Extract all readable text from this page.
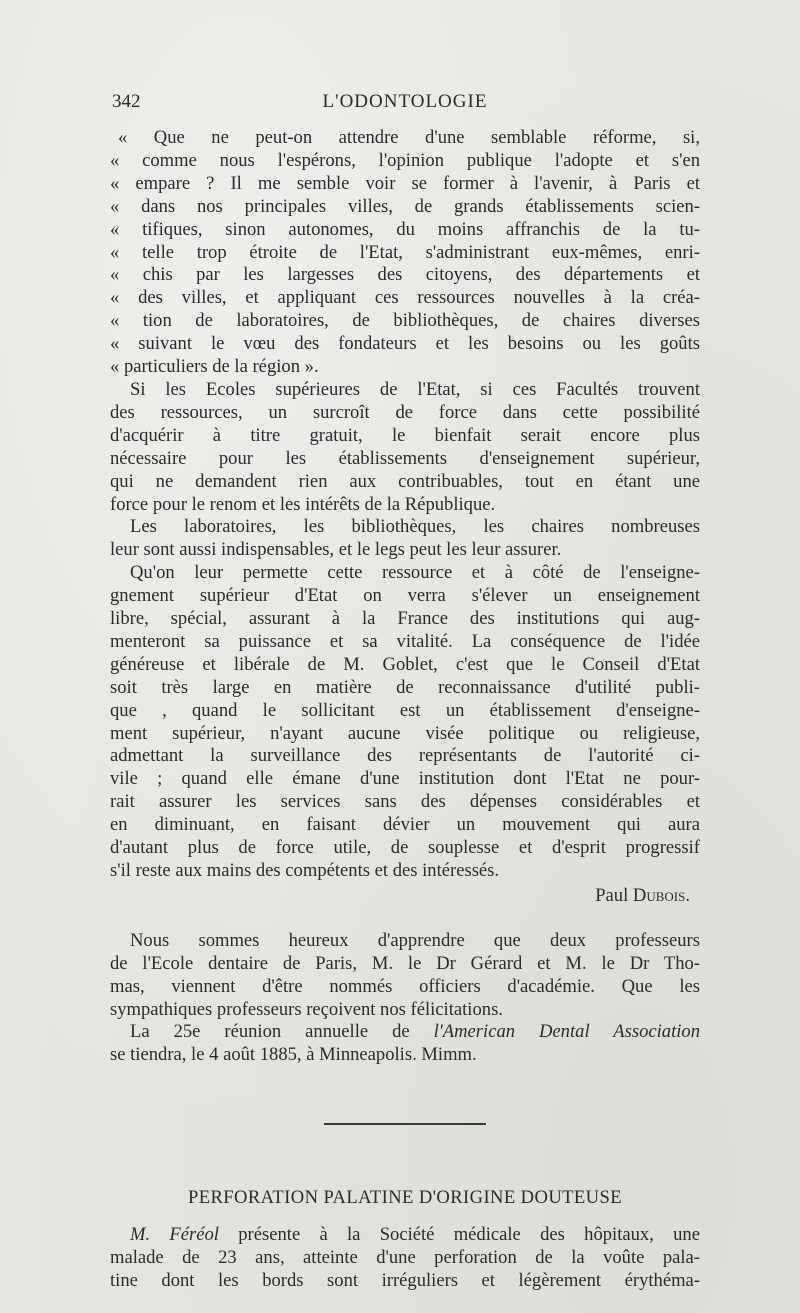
342	L'ODONTOLOGIE
« Que ne peut-on attendre d'une semblable réforme, si,
« comme nous l'espérons, l'opinion publique l'adopte et s'en
« empare ? Il me semble voir se former à l'avenir, à Paris et
« dans nos principales villes, de grands établissements scien-
« tifiques, sinon autonomes, du moins affranchis de la tu-
« telle trop étroite de l'Etat, s'administrant eux-mêmes, enri-
« chis par les largesses des citoyens, des départements et
« des villes, et appliquant ces ressources nouvelles à la créa-
« tion de laboratoires, de bibliothèques, de chaires diverses
« suivant le vœu des fondateurs et les besoins ou les goûts
« particuliers de la région ».
Si les Ecoles supérieures de l'Etat, si ces Facultés trouvent
des ressources, un surcroît de force dans cette possibilité
d'acquérir à titre gratuit, le bienfait serait encore plus
nécessaire pour les établissements d'enseignement supérieur,
qui ne demandent rien aux contribuables, tout en étant une
force pour le renom et les intérêts de la République.
Les laboratoires, les bibliothèques, les chaires nombreuses
leur sont aussi indispensables, et le legs peut les leur assurer.
Qu'on leur permette cette ressource et à côté de l'enseigne-
gnement supérieur d'Etat on verra s'élever un enseignement
libre, spécial, assurant à la France des institutions qui aug-
menteront sa puissance et sa vitalité. La conséquence de l'idée
généreuse et libérale de M. Goblet, c'est que le Conseil d'Etat
soit très large en matière de reconnaissance d'utilité publi-
que , quand le sollicitant est un établissement d'enseigne-
ment supérieur, n'ayant aucune visée politique ou religieuse,
admettant la surveillance des représentants de l'autorité ci-
vile ; quand elle émane d'une institution dont l'Etat ne pour-
rait assurer les services sans des dépenses considérables et
en diminuant, en faisant dévier un mouvement qui aura
d'autant plus de force utile, de souplesse et d'esprit progressif
s'il reste aux mains des compétents et des intéressés.
Paul Dubois.
Nous sommes heureux d'apprendre que deux professeurs
de l'Ecole dentaire de Paris, M. le Dr Gérard et M. le Dr Tho-
mas, viennent d'être nommés officiers d'académie. Que les
sympathiques professeurs reçoivent nos félicitations.
La 25e réunion annuelle de l'American Dental Association
se tiendra, le 4 août 1885, à Minneapolis. Mimm.
PERFORATION PALATINE D'ORIGINE DOUTEUSE
M. Féréol présente à la Société médicale des hôpitaux, une
malade de 23 ans, atteinte d'une perforation de la voûte pala-
tine dont les bords sont irréguliers et légèrement érythéma-
